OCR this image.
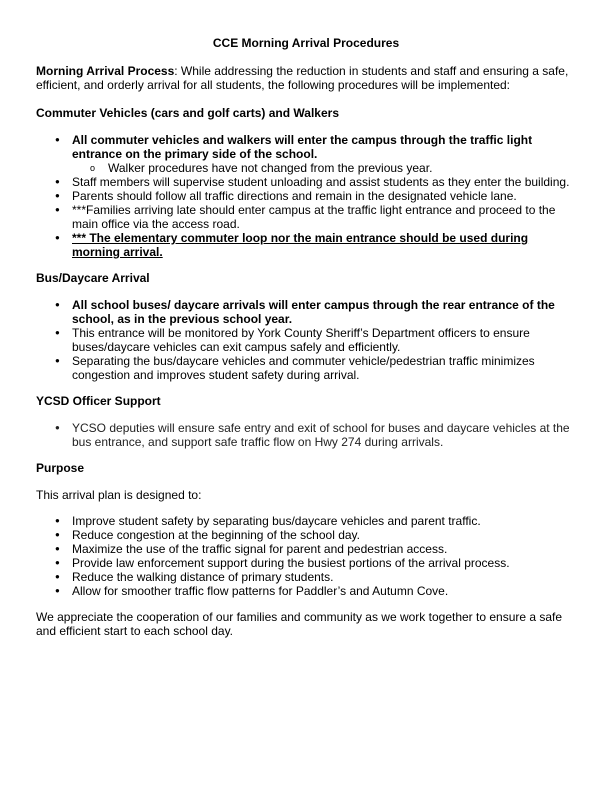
CCE Morning Arrival Procedures

Morning Arrival Process: While addressing the reduction in students and staff and ensuring a safe, efficient, and orderly arrival for all students, the following procedures will be implemented:

Commuter Vehicles (cars and golf carts) and Walkers
● All commuter vehicles and walkers will enter the campus through the traffic light entrance on the primary side of the school.
o Walker procedures have not changed from the previous year.
● Staff members will supervise student unloading and assist students as they enter the building.
● Parents should follow all traffic directions and remain in the designated vehicle lane.
● ***Families arriving late should enter campus at the traffic light entrance and proceed to the main office via the access road.
● *** The elementary commuter loop nor the main entrance should be used during morning arrival.
Bus/Daycare Arrival
● All school buses/ daycare arrivals will enter campus through the rear entrance of the school, as in the previous school year.
● This entrance will be monitored by York County Sheriff’s Department officers to ensure buses/daycare vehicles can exit campus safely and efficiently.
● Separating the bus/daycare vehicles and commuter vehicle/pedestrian traffic minimizes congestion and improves student safety during arrival.
YCSD Officer Support
● YCSO deputies will ensure safe entry and exit of school for buses and daycare vehicles at the bus entrance, and support safe traffic flow on Hwy 274 during arrivals.
Purpose

This arrival plan is designed to:

● Improve student safety by separating bus/daycare vehicles and parent traffic.
● Reduce congestion at the beginning of the school day.
● Maximize the use of the traffic signal for parent and pedestrian access.
● Provide law enforcement support during the busiest portions of the arrival process.
● Reduce the walking distance of primary students.
● Allow for smoother traffic flow patterns for Paddler’s and Autumn Cove.

We appreciate the cooperation of our families and community as we work together to ensure a safe and efficient start to each school day.
